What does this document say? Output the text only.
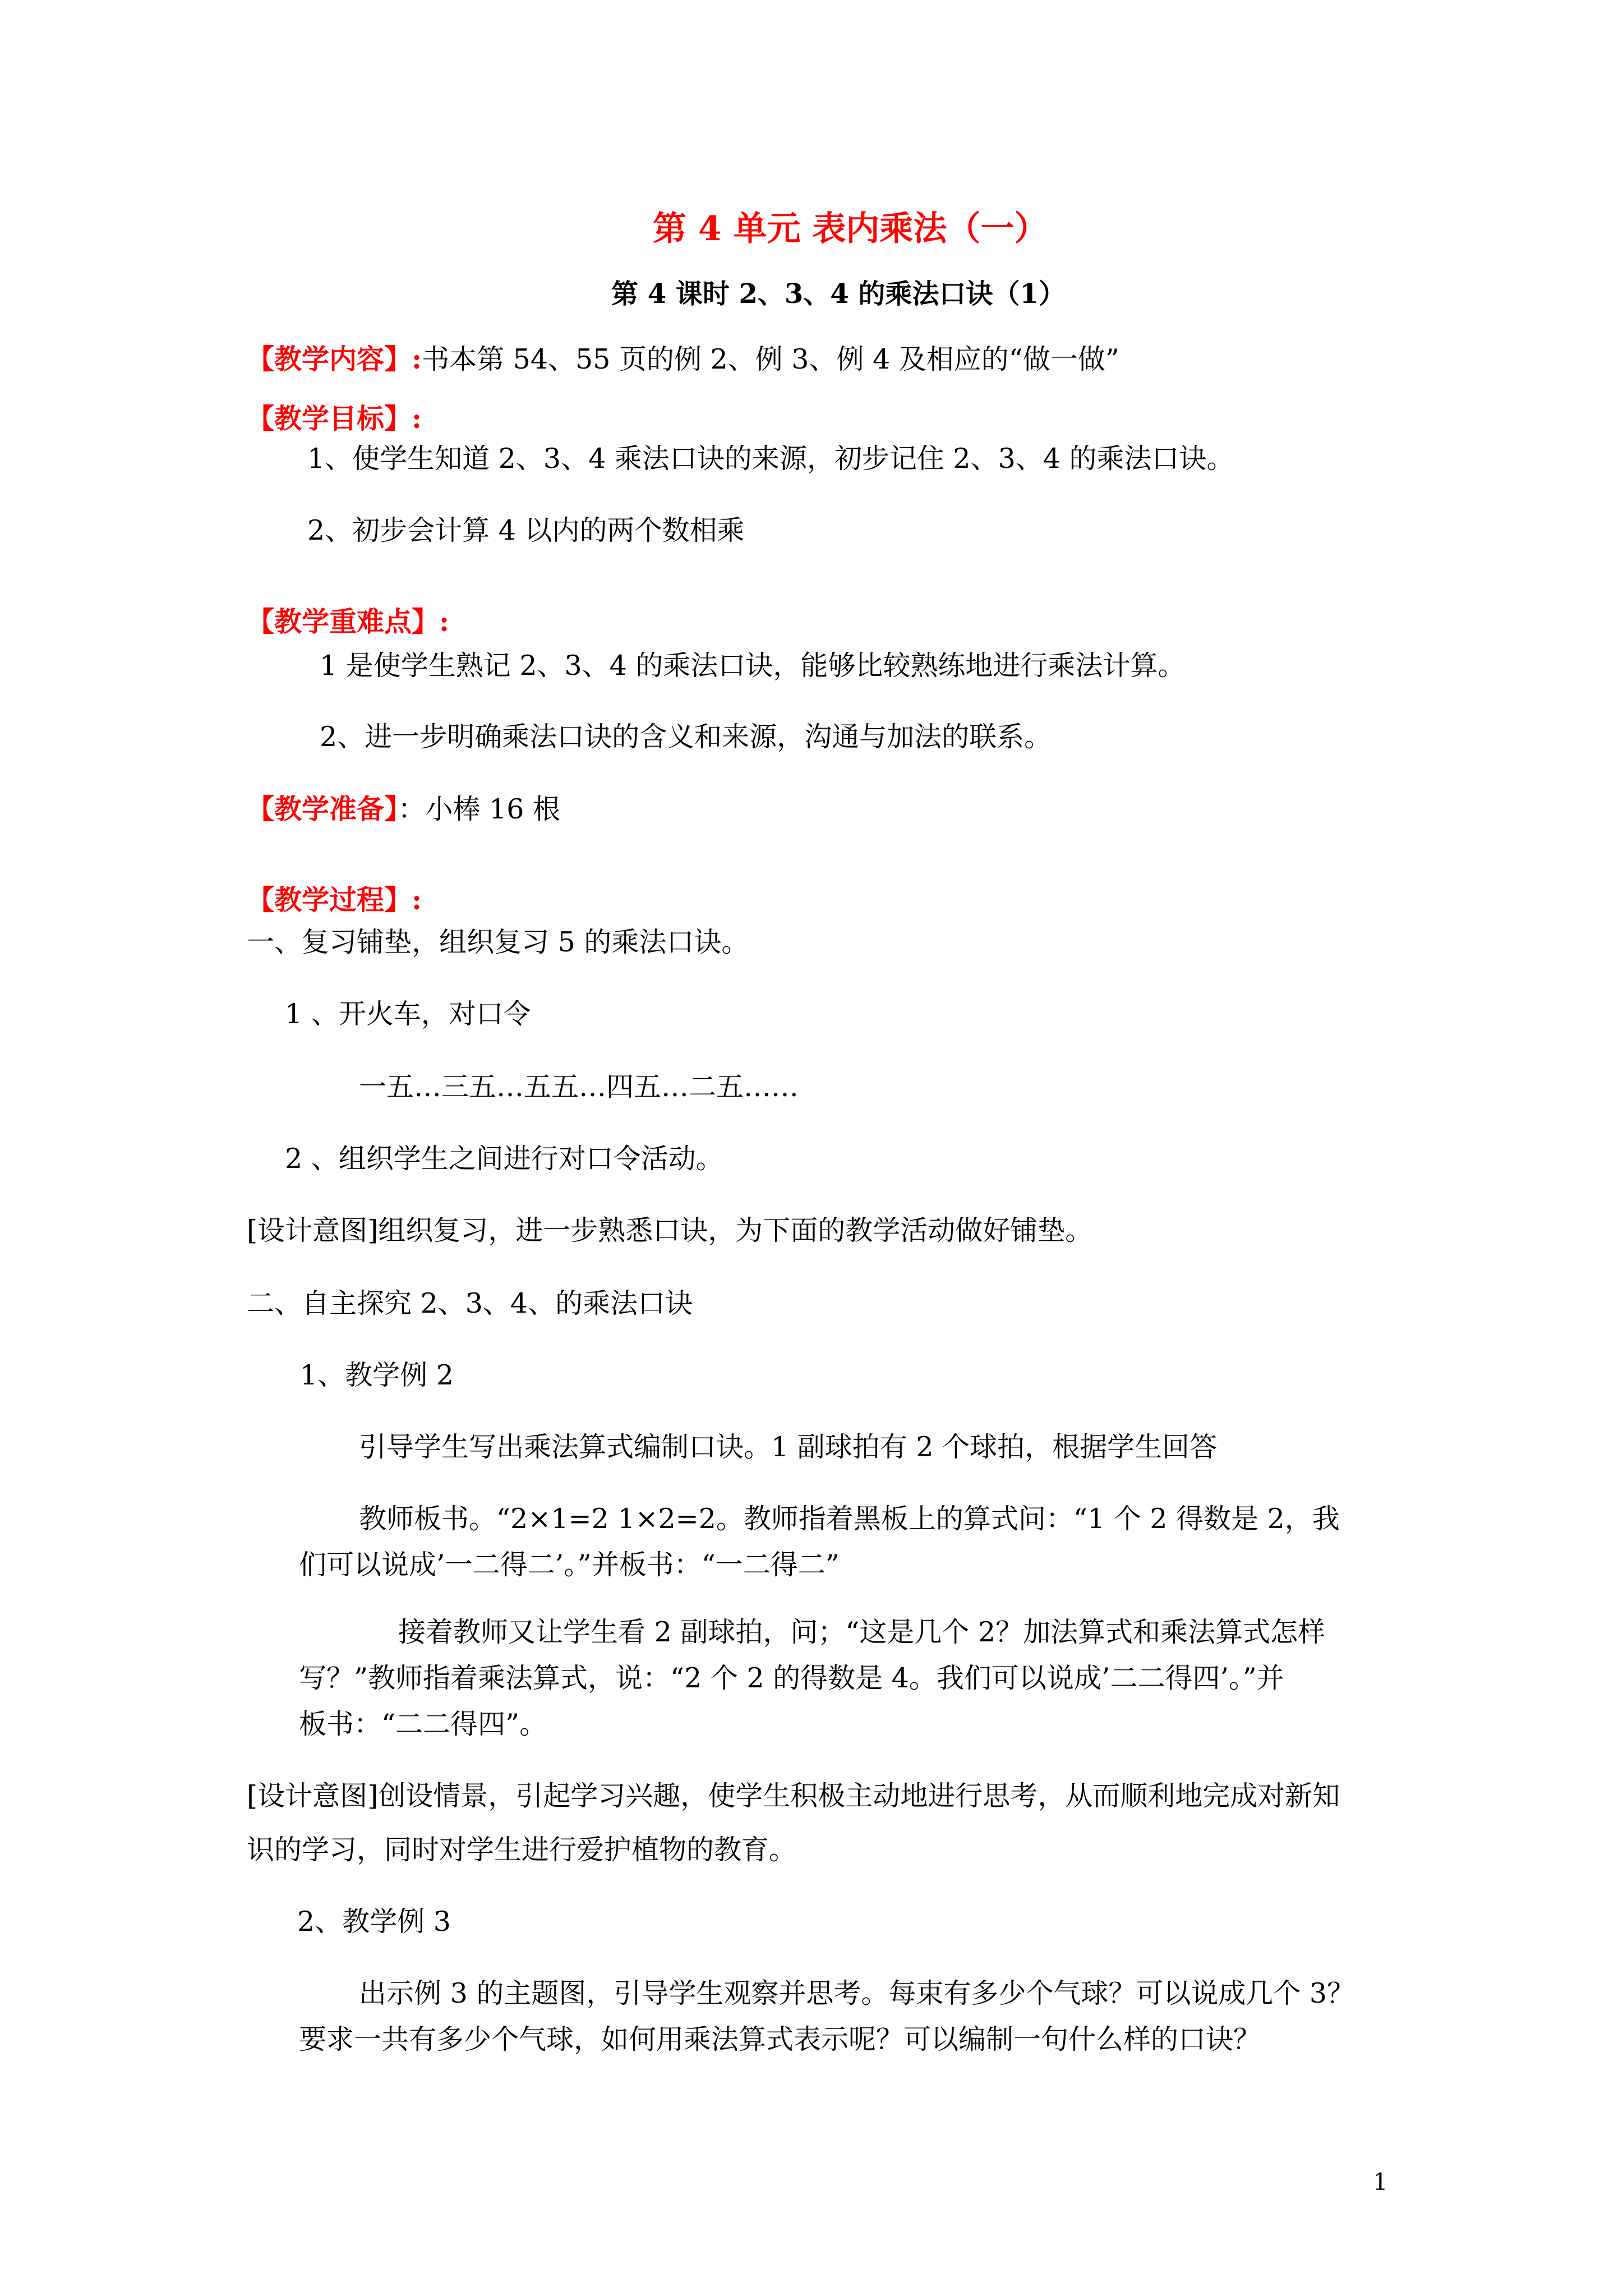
第 4 单元 表内乘法（一）
第 4 课时 2、3、4 的乘法口诀（1）
【教学内容】:书本第 54、55 页的例 2、例 3、例 4 及相应的“做一做”
【教学目标】:
1、使学生知道 2、3、4 乘法口诀的来源，初步记住 2、3、4 的乘法口诀。
2、初步会计算 4 以内的两个数相乘
【教学重难点】:
1 是使学生熟记 2、3、4 的乘法口诀，能够比较熟练地进行乘法计算。
2、进一步明确乘法口诀的含义和来源，沟通与加法的联系。
【教学准备】：小棒 16 根
【教学过程】:
一、复习铺垫，组织复习 5 的乘法口诀。
1 、开火车，对口令
一五…三五…五五…四五…二五……
2 、组织学生之间进行对口令活动。
[设计意图]组织复习，进一步熟悉口诀，为下面的教学活动做好铺垫。
二、自主探究 2、3、4、的乘法口诀
1、教学例 2
引导学生写出乘法算式编制口诀。1 副球拍有 2 个球拍，根据学生回答
教师板书。“2×1=2 1×2=2。教师指着黑板上的算式问：“1 个 2 得数是 2，我
们可以说成’一二得二’。”并板书：“一二得二”
接着教师又让学生看 2 副球拍，问；“这是几个 2？加法算式和乘法算式怎样
写？”教师指着乘法算式，说：“2 个 2 的得数是 4。我们可以说成’二二得四’。”并
板书：“二二得四”。
[设计意图]创设情景，引起学习兴趣，使学生积极主动地进行思考，从而顺利地完成对新知
识的学习，同时对学生进行爱护植物的教育。
2、教学例 3
出示例 3 的主题图，引导学生观察并思考。每束有多少个气球？可以说成几个 3？
要求一共有多少个气球，如何用乘法算式表示呢？可以编制一句什么样的口诀？
1
